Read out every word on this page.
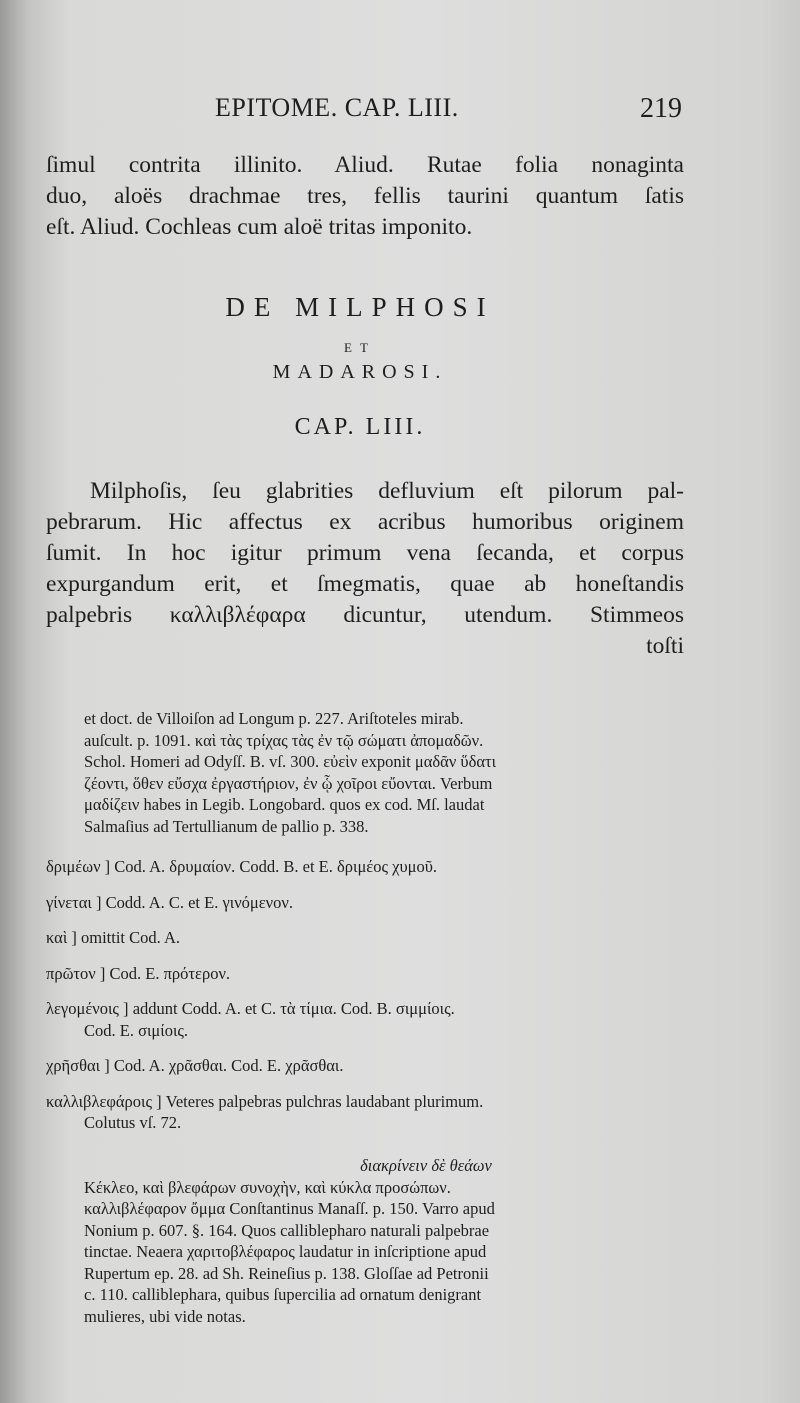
EPITOME. CAP. LIII.	219
ſimul contrita illinito. Aliud. Rutae folia nonaginta
duo, aloës drachmae tres, fellis taurini quantum ſatis
eſt. Aliud. Cochleas cum aloë tritas imponito.
DE MILPHOSI
ET
MADAROSI.
CAP. LIII.
Milphoſis, ſeu glabrities defluvium eſt pilorum pal-
pebrarum. Hic affectus ex acribus humoribus originem
ſumit. In hoc igitur primum vena ſecanda, et corpus
expurgandum erit, et ſmegmatis, quae ab honeſtandis
palpebris καλλιβλέφαρα dicuntur, utendum. Stimmeos
toſti
et doct. de Villoiſon ad Longum p. 227. Ariſtoteles mirab.
auſcult. p. 1091. καὶ τὰς τρίχας τὰς ἐν τῷ σώματι ἀπομαδῶν.
Schol. Homeri ad Odyſſ. B. vſ. 300. εὐεὶν exponit μαδᾶν ὕδατι
ζέοντι, ὅθεν εὔσχα ἐργαστήριον, ἐν ᾧ χοῖροι εὔονται. Verbum
μαδίζειν habes in Legib. Longobard. quos ex cod. Mſ. laudat
Salmaſius ad Tertullianum de pallio p. 338.
δριμέων ] Cod. A. δρυμαίον. Codd. B. et E. δριμέος χυμοῦ.
γίνεται ] Codd. A. C. et E. γινόμενον.
καὶ ] omittit Cod. A.
πρῶτον ] Cod. E. πρότερον.
λεγομένοις ] addunt Codd. A. et C. τὰ τίμια. Cod. B. σιμμίοις.
Cod. E. σιμίοις.
χρῆσθαι ] Cod. A. χρᾶσθαι. Cod. E. χρᾶσθαι.
καλλιβλεφάροις ] Veteres palpebras pulchras laudabant plurimum.
Colutus vſ. 72.
διακρίνειν δὲ θεάων
Κέκλεο, καὶ βλεφάρων συνοχὴν, καὶ κύκλα προσώπων.
καλλιβλέφαρον ὄμμα Conſtantinus Manaſſ. p. 150. Varro apud
Nonium p. 607. §. 164. Quos calliblepharo naturali palpebrae
tinctae. Neaera χαριτοβλέφαρος laudatur in inſcriptione apud
Rupertum ep. 28. ad Sh. Reineſius p. 138. Gloſſae ad Petronii
c. 110. calliblephara, quibus ſupercilia ad ornatum denigrant
mulieres, ubi vide notas.
